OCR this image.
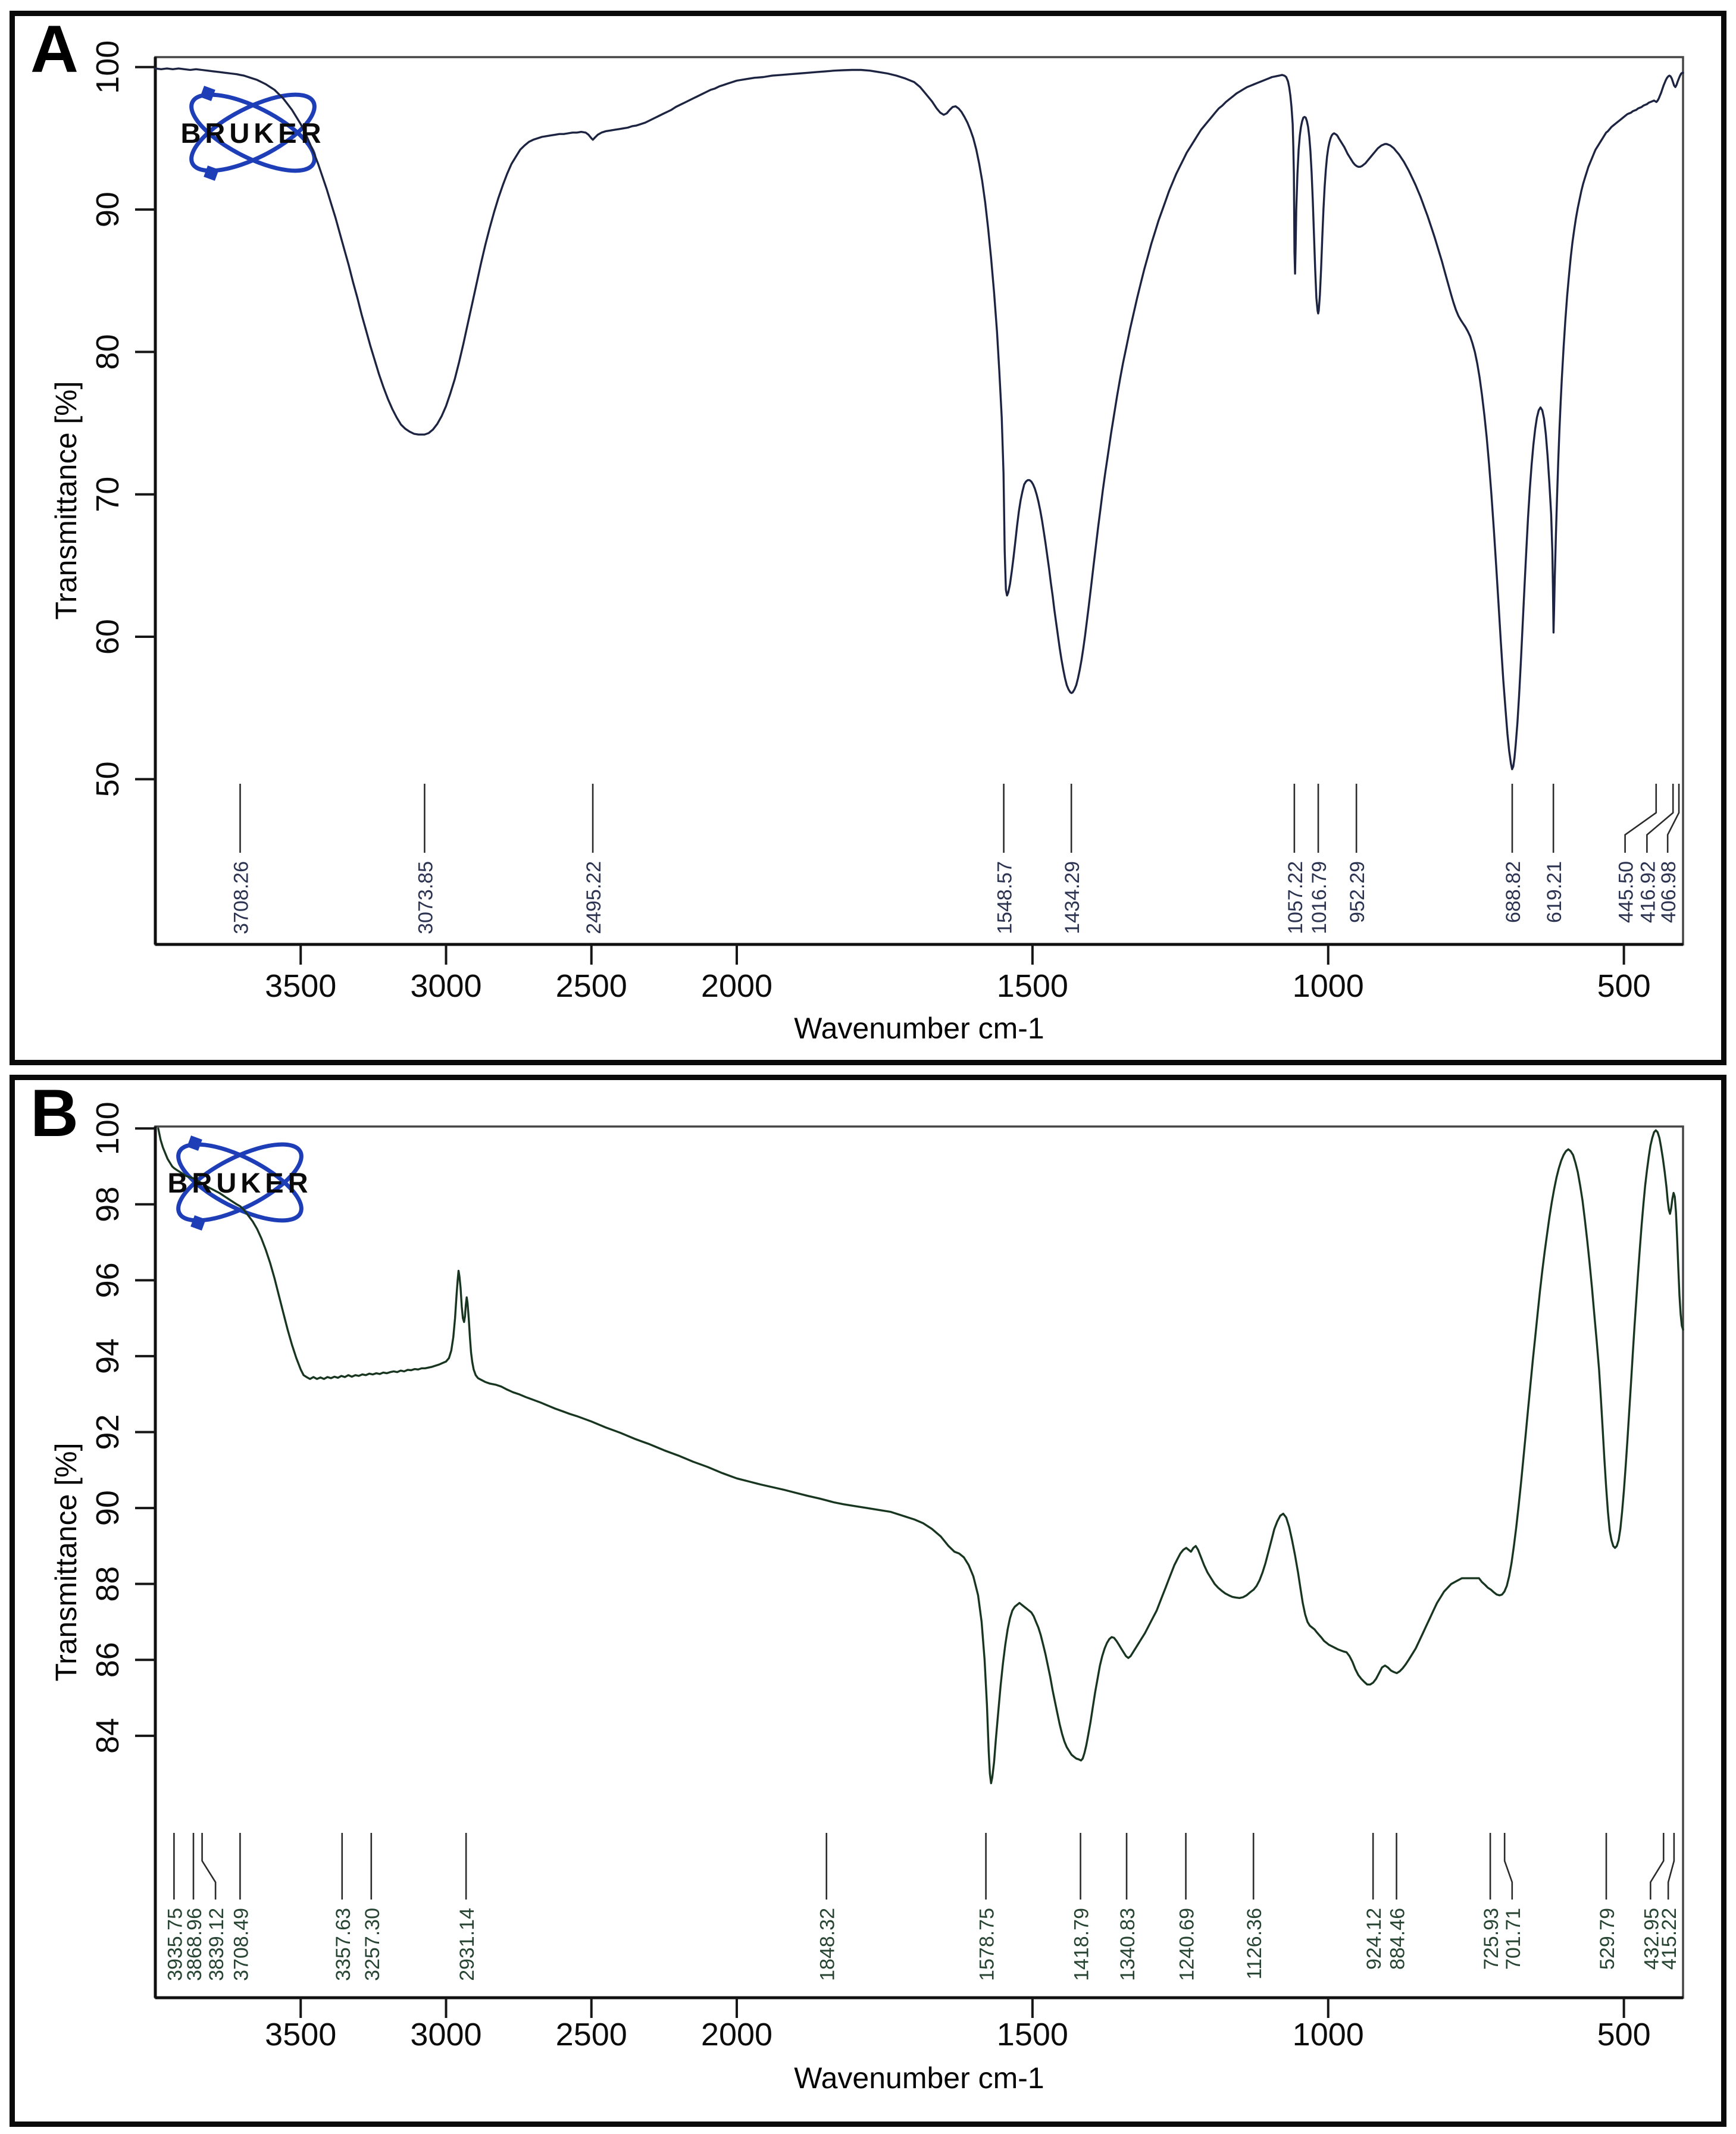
100
90
80
70
60
50
3500 3000 2500 2000	1500	1000	500
BRUKER
3708.26	3073.85	2495.22	1548.57 1434.29	1057.22 1016.79 952.29	688.82 619.21 445.50
416.92
406.98
A
Transmittance [%]
Wavenumber cm-1
100
98
96
94
92
90
88
86
84
3500 3000 2500 2000	1500	1000	500
BRUKER
3935.75
3868.96 3839.12 3708.49	3357.63 3257.30	2931.14	1848.32	1578.75	1418.79 1340.83 1240.69 1126.36	924.12 884.46	725.93
701.71	529.79 432.95
415.22
B
Transmittance [%]
Wavenumber cm-1
